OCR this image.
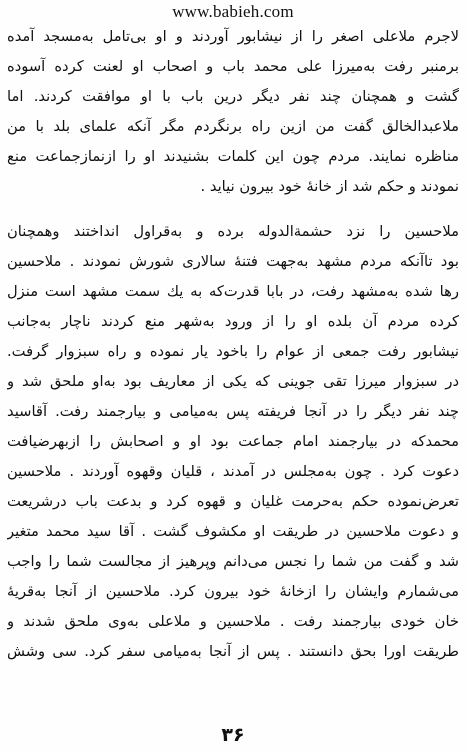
www.babieh.com

لاجرم ملاعلی اصغر را از نیشابور آوردند و او بی‌تامل به‌مسجد آمده
برمنبر رفت به‌میرزا علی محمد باب و اصحاب او لعنت کرده آسوده
گشت و همچنان چند نفر دیگر درین باب با او موافقت کردند. اما
ملاعبدالخالق گفت من ازین راه برنگردم مگر آنکه علمای بلد با من
مناظره نمایند. مردم چون این کلمات بشنیدند او را ازنمازجماعت منع
نمودند و حکم شد از خانهٔ خود بیرون نیاید .

ملاحسین را نزد حشمة‌الدوله برده و به‌قراول انداختند وهمچنان
بود تاآنکه مردم مشهد به‌جهت فتنهٔ سالاری شورش نمودند . ملاحسین
رها شده به‌مشهد رفت، در بابا قدرت‌که به یك سمت مشهد است منزل
کرده مردم آن بلده او را از ورود به‌شهر منع کردند ناچار به‌جانب
نیشابور رفت جمعی از عوام را باخود یار نموده و راه سبزوار گرفت.
در سبزوار میرزا تقی جوینی که یکی از معاریف بود به‌او ملحق شد و
چند نفر دیگر را در آنجا فریفته پس به‌میامی و بیارجمند رفت. آقاسید
محمدکه در بیارجمند امام جماعت بود او و اصحابش را ازبهرضیافت
دعوت کرد . چون به‌مجلس در آمدند ، قلیان وقهوه آوردند . ملاحسین
تعرض‌نموده حکم به‌حرمت غلیان و قهوه کرد و بدعت باب درشریعت
و دعوت ملاحسین در طریقت او مکشوف گشت . آقا سید محمد متغیر
شد و گفت من شما را نجس می‌دانم وپرهیز از مجالست شما را واجب
می‌شمارم وایشان را ازخانهٔ خود بیرون کرد. ملاحسین از آنجا به‌قریهٔ
خان خودی بیارجمند رفت . ملاحسین و ملاعلی به‌وی ملحق شدند و
طریقت اورا بحق دانستند . پس از آنجا به‌میامی سفر کرد. سی وشش

۳۶
